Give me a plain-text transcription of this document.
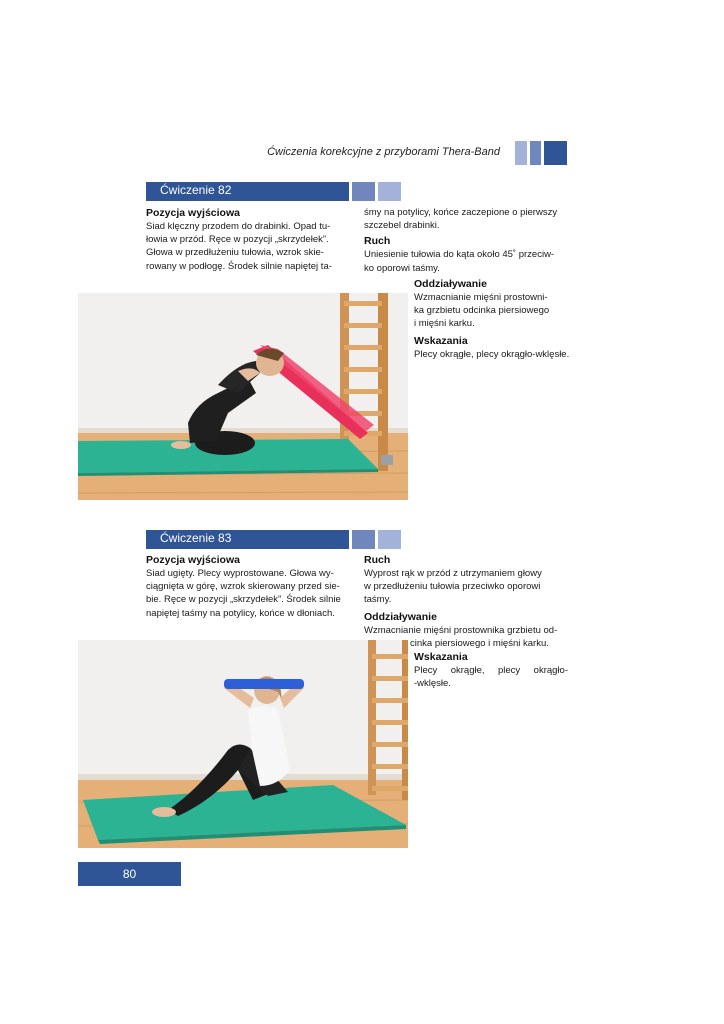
Ćwiczenia korekcyjne z przyborami Thera-Band
Ćwiczenie 82
Pozycja wyjściowa
Siad klęczny przodem do drabinki. Opad tu-
łowia w przód. Ręce w pozycji „skrzydełek”.
Głowa w przedłużeniu tułowia, wzrok skie-
rowany w podłogę. Środek silnie napiętej ta-
śmy na potylicy, końce zaczepione o pierwszy
szczebel drabinki.
Ruch
Uniesienie tułowia do kąta około 45˚ przeciw-
ko oporowi taśmy.
Oddziaływanie
Wzmacnianie mięśni prostowni-
ka grzbietu odcinka piersiowego
i mięśni karku.
Wskazania
Plecy okrągłe, plecy okrągło-wklęsłe.
Ćwiczenie 83
Pozycja wyjściowa
Siad ugięty. Plecy wyprostowane. Głowa wy-
ciągnięta w górę, wzrok skierowany przed sie-
bie. Ręce w pozycji „skrzydełek”. Środek silnie
napiętej taśmy na potylicy, końce w dłoniach.
Ruch
Wyprost rąk w przód z utrzymaniem głowy
w przedłużeniu tułowia przeciwko oporowi
taśmy.
Oddziaływanie
Wzmacnianie mięśni prostownika grzbietu od-
cinka piersiowego i mięśni karku.
Wskazania
Plecy okrągłe, plecy okrągło-
-wklęsłe.
80
